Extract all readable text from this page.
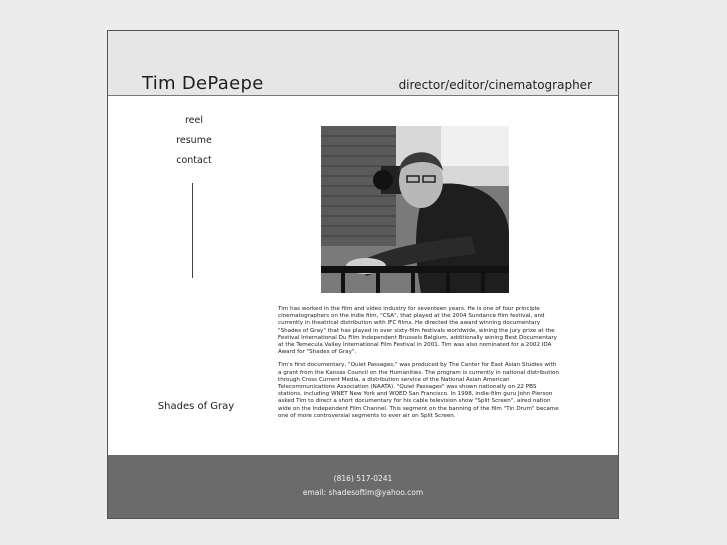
Tim DePaepe	director/editor/cinematographer
reel
resume
contact
Shades of Gray

Tim has worked in the film and video industry for seventeen years. He is one of four principle cinematographers on the indie film, "CSA", that played at the 2004 Sundance film festival, and currently in theatrical distribution with IFC films. He directed the award winning documentary "Shades of Gray" that has played in over sixty-film festivals worldwide, wining the jury prize at the Festival International Du Film Independent Brussels Belgium, additionally wining Best Documentary at the Temecula Valley International Film Festival in 2001. Tim was also nominated for a 2002 IDA Award for "Shades of Gray".

Tim's first documentary, "Quiet Passages," was produced by The Center for East Asian Studies with a grant from the Kansas Council on the Humanities. The program is currently in national distribution through Cross Current Media, a distribution service of the National Asian American Telecommunications Association (NAATA). "Quiet Passages" was shown nationally on 22 PBS stations, including WNET New York and WQED San Francisco. In 1998, indie-film guru John Pierson asked Tim to direct a short documentary for his cable television show "Split Screen", aired nation wide on the Independent Film Channel. This segment on the banning of the film "Tin Drum" became one of more controversial segments to ever air on Split Screen.

(816) 517-0241
email: shadesoftim@yahoo.com
